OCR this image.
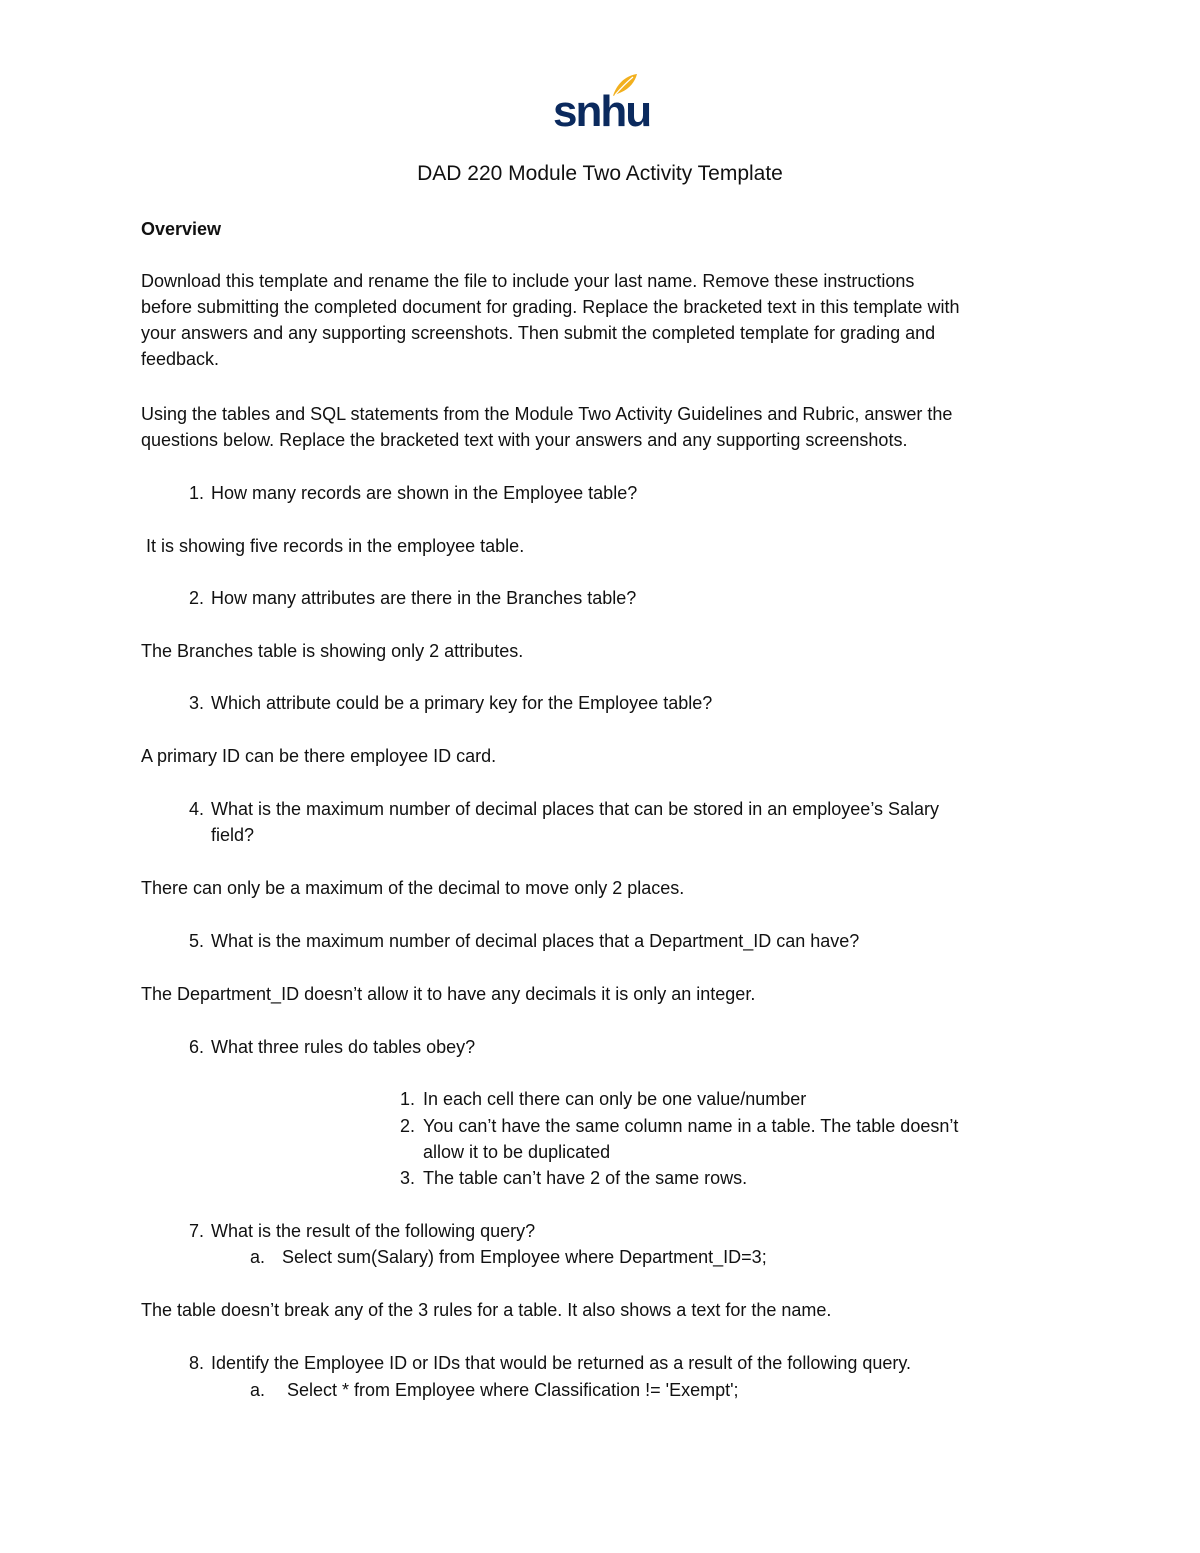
snhu
DAD 220 Module Two Activity Template
Overview
Download this template and rename the file to include your last name. Remove these instructions
before submitting the completed document for grading. Replace the bracketed text in this template with
your answers and any supporting screenshots. Then submit the completed template for grading and
feedback.
Using the tables and SQL statements from the Module Two Activity Guidelines and Rubric, answer the
questions below. Replace the bracketed text with your answers and any supporting screenshots.
1. How many records are shown in the Employee table?
It is showing five records in the employee table.
2. How many attributes are there in the Branches table?
The Branches table is showing only 2 attributes.
3. Which attribute could be a primary key for the Employee table?
A primary ID can be there employee ID card.
4. What is the maximum number of decimal places that can be stored in an employee’s Salary
field?
There can only be a maximum of the decimal to move only 2 places.
5. What is the maximum number of decimal places that a Department_ID can have?
The Department_ID doesn’t allow it to have any decimals it is only an integer.
6. What three rules do tables obey?
1. In each cell there can only be one value/number
2. You can’t have the same column name in a table. The table doesn’t
allow it to be duplicated
3. The table can’t have 2 of the same rows.
7. What is the result of the following query?
a. Select sum(Salary) from Employee where Department_ID=3;
The table doesn’t break any of the 3 rules for a table. It also shows a text for the name.
8. Identify the Employee ID or IDs that would be returned as a result of the following query.
a. Select * from Employee where Classification != 'Exempt';
